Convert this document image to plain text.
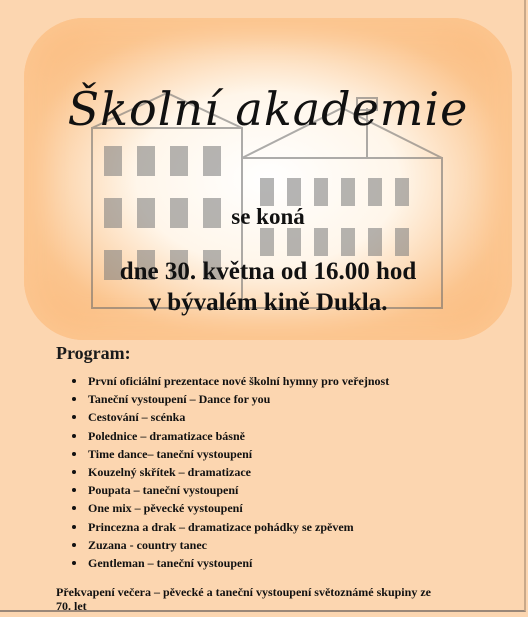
Školní akademie
se koná
dne 30. května od 16.00 hod
v bývalém kině Dukla.
Program:
První oficiální prezentace nové školní hymny pro veřejnost
Taneční vystoupení – Dance for you
Cestování – scénka
Polednice – dramatizace básně
Time dance– taneční vystoupení
Kouzelný skřítek – dramatizace
Poupata – taneční vystoupení
One mix – pěvecké vystoupení
Princezna a drak – dramatizace pohádky se zpěvem
Zuzana - country tanec
Gentleman – taneční vystoupení
Překvapení večera – pěvecké a taneční vystoupení světoznámé skupiny ze
70. let
